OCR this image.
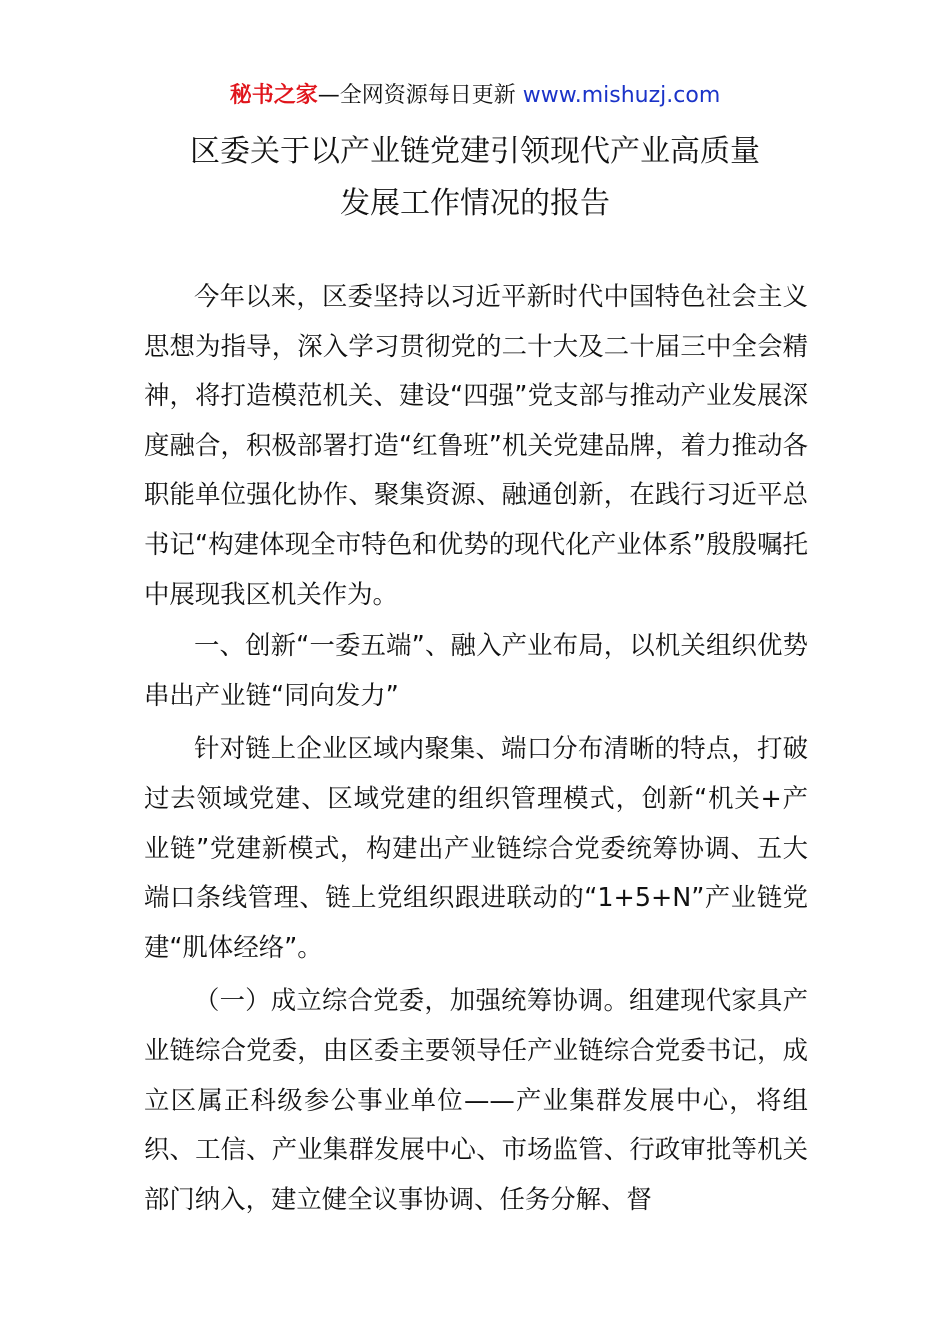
秘书之家—全网资源每日更新 www.mishuzj.com
区委关于以产业链党建引领现代产业高质量
发展工作情况的报告

今年以来，区委坚持以习近平新时代中国特色社会主义思想为指导，深入学习贯彻党的二十大及二十届三中全会精神，将打造模范机关、建设“四强”党支部与推动产业发展深度融合，积极部署打造“红鲁班”机关党建品牌，着力推动各职能单位强化协作、聚集资源、融通创新，在践行习近平总书记“构建体现全市特色和优势的现代化产业体系”殷殷嘱托中展现我区机关作为。

一、创新“一委五端”、融入产业布局，以机关组织优势串出产业链“同向发力”

针对链上企业区域内聚集、端口分布清晰的特点，打破过去领域党建、区域党建的组织管理模式，创新“机关+产业链”党建新模式，构建出产业链综合党委统筹协调、五大端口条线管理、链上党组织跟进联动的“1+5+N”产业链党建“肌体经络”。

（一）成立综合党委，加强统筹协调。组建现代家具产业链综合党委，由区委主要领导任产业链综合党委书记，成立区属正科级参公事业单位——产业集群发展中心，将组织、工信、产业集群发展中心、市场监管、行政审批等机关部门纳入，建立健全议事协调、任务分解、督
